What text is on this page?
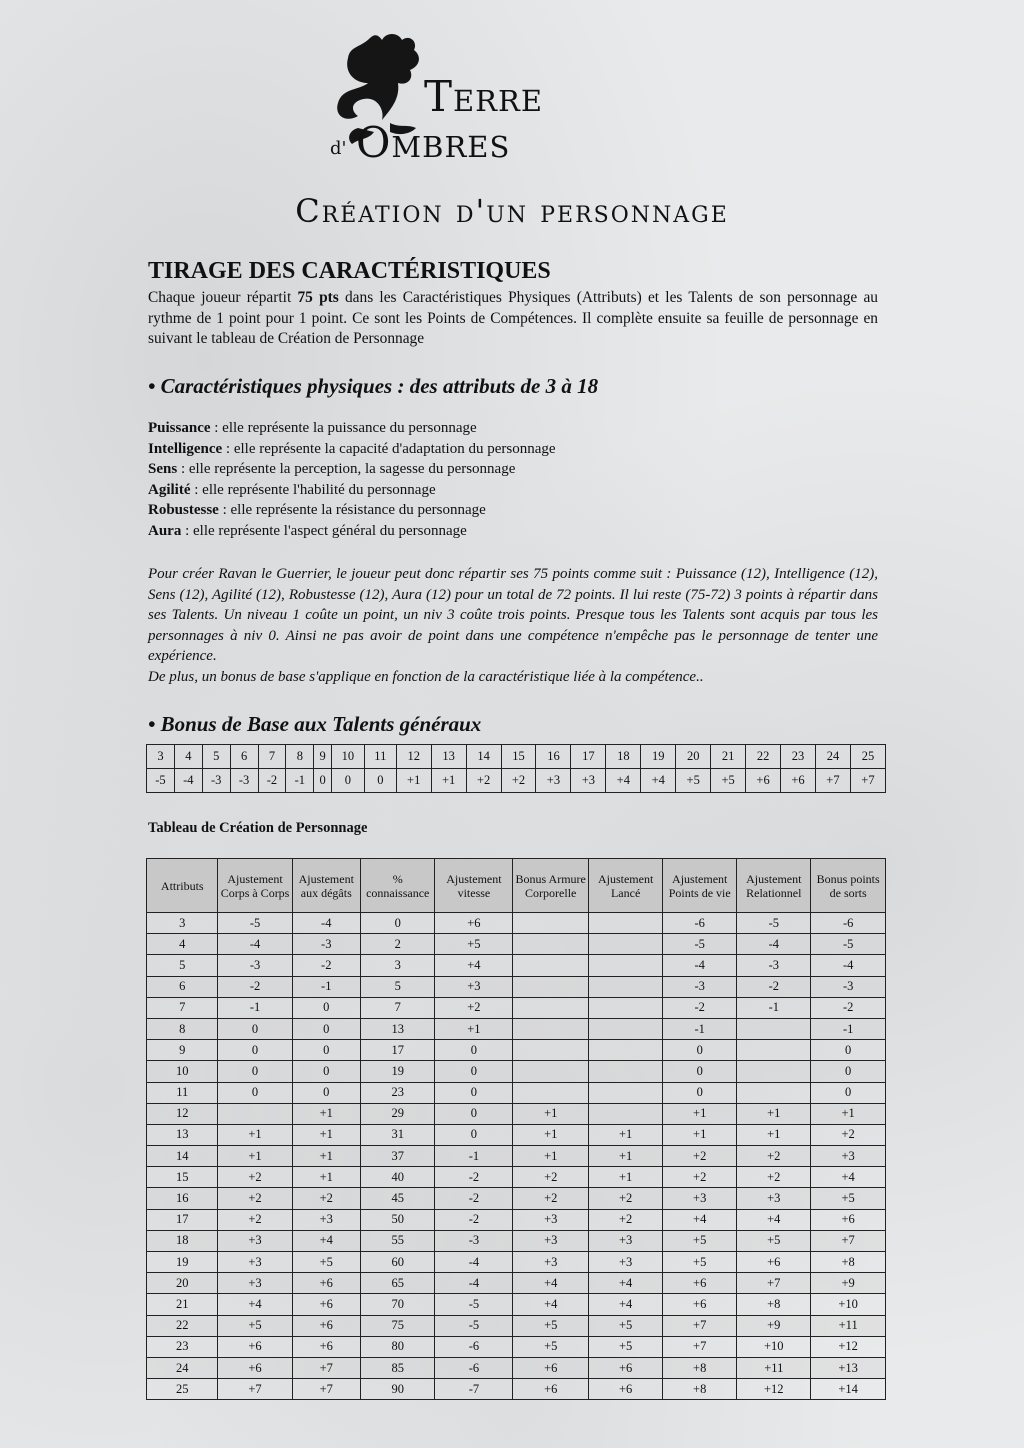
Terre
d' Ombres
Création d'un personnage
TIRAGE DES CARACTÉRISTIQUES
Chaque joueur répartit 75 pts dans les Caractéristiques Physiques (Attributs) et les Talents de son personnage au rythme de 1 point pour 1 point. Ce sont les Points de Compétences. Il complète ensuite sa feuille de personnage en suivant le tableau de Création de Personnage
• Caractéristiques physiques : des attributs de 3 à 18
Puissance : elle représente la puissance du personnage
Intelligence : elle représente la capacité d'adaptation du personnage
Sens : elle représente la perception, la sagesse du personnage
Agilité : elle représente l'habilité du personnage
Robustesse : elle représente la résistance du personnage
Aura : elle représente l'aspect général du personnage
Pour créer Ravan le Guerrier, le joueur peut donc répartir ses 75 points comme suit : Puissance (12), Intelligence (12), Sens (12), Agilité (12), Robustesse (12), Aura (12) pour un total de 72 points. Il lui reste (75-72) 3 points à répartir dans ses Talents. Un niveau 1 coûte un point, un niv 3 coûte trois points. Presque tous les Talents sont acquis par tous les personnages à niv 0. Ainsi ne pas avoir de point dans une compétence n'empêche pas le personnage de tenter une expérience.
De plus, un bonus de base s'applique en fonction de la caractéristique liée à la compétence..
• Bonus de Base aux Talents généraux
3	4	5	6	7	8	9	10	11	12	13	14	15	16	17	18	19	20	21	22	23	24	25
-5	-4	-3	-3	-2	-1	0	0	0	+1	+1	+2	+2	+3	+3	+4	+4	+5	+5	+6	+6	+7	+7
Tableau de Création de Personnage
Attributs	Ajustement Corps à Corps	Ajustement aux dégâts	% connaissance	Ajustement vitesse	Bonus Armure Corporelle	Ajustement Lancé	Ajustement Points de vie	Ajustement Relationnel	Bonus points de sorts
3	-5	-4	0	+6			-6	-5	-6
4	-4	-3	2	+5			-5	-4	-5
5	-3	-2	3	+4			-4	-3	-4
6	-2	-1	5	+3			-3	-2	-3
7	-1	0	7	+2			-2	-1	-2
8	0	0	13	+1			-1		-1
9	0	0	17	0			0		0
10	0	0	19	0			0		0
11	0	0	23	0			0		0
12		+1	29	0	+1		+1	+1	+1
13	+1	+1	31	0	+1	+1	+1	+1	+2
14	+1	+1	37	-1	+1	+1	+2	+2	+3
15	+2	+1	40	-2	+2	+1	+2	+2	+4
16	+2	+2	45	-2	+2	+2	+3	+3	+5
17	+2	+3	50	-2	+3	+2	+4	+4	+6
18	+3	+4	55	-3	+3	+3	+5	+5	+7
19	+3	+5	60	-4	+3	+3	+5	+6	+8
20	+3	+6	65	-4	+4	+4	+6	+7	+9
21	+4	+6	70	-5	+4	+4	+6	+8	+10
22	+5	+6	75	-5	+5	+5	+7	+9	+11
23	+6	+6	80	-6	+5	+5	+7	+10	+12
24	+6	+7	85	-6	+6	+6	+8	+11	+13
25	+7	+7	90	-7	+6	+6	+8	+12	+14
